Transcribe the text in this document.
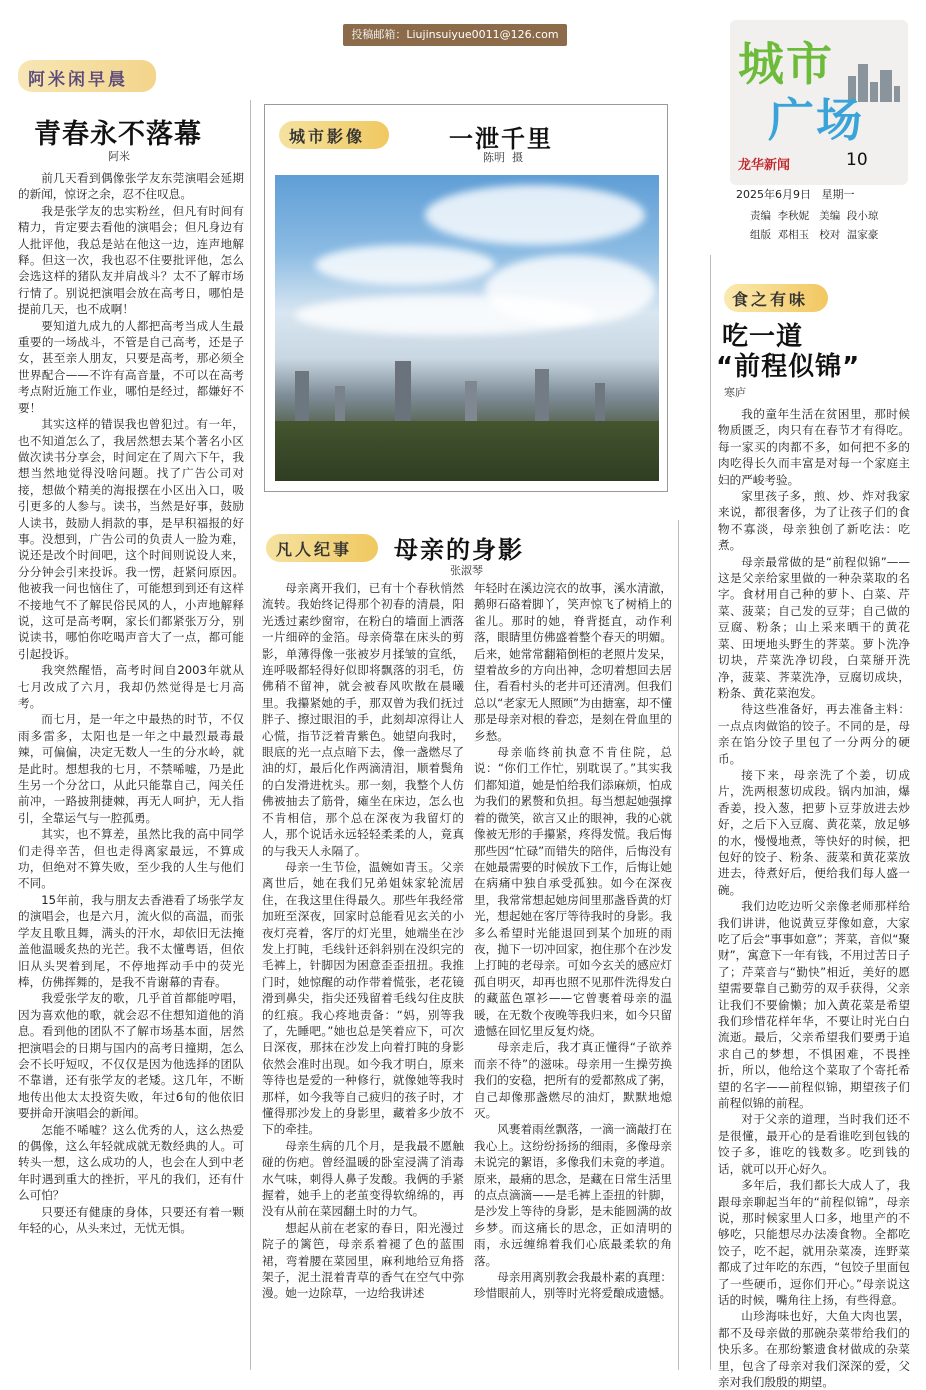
投稿邮箱：Liujinsuiyue0011@126.com
城市
广场
龙华新闻	10
2025年6月9日 星期一
责编  李秋妮   美编  段小琼
组版  邓相玉   校对  温家豪
阿米闲早晨
青春永不落幕
阿米

前几天看到偶像张学友东莞演唱会延期的新闻，惊讶之余，忍不住叹息。

我是张学友的忠实粉丝，但凡有时间有精力，肯定要去看他的演唱会；但凡身边有人批评他，我总是站在他这一边，连声地解释。但这一次，我也忍不住要批评他，怎么会选这样的猪队友并肩战斗？太不了解市场行情了。别说把演唱会放在高考日，哪怕是提前几天，也不成啊！

要知道九成九的人都把高考当成人生最重要的一场战斗，不管是自己高考，还是子女，甚至亲人朋友，只要是高考，那必须全世界配合——不许有高音量，不可以在高考考点附近施工作业，哪怕是经过，都嫌好不要！

其实这样的错误我也曾犯过。有一年，也不知道怎么了，我居然想去某个著名小区做次读书分享会，时间定在了周六下午，我想当然地觉得没啥问题。找了广告公司对接，想做个精美的海报摆在小区出入口，吸引更多的人参与。读书，当然是好事，鼓励人读书，鼓励人捐款的事，是早积福报的好事。没想到，广告公司的负责人一脸为难，说还是改个时间吧，这个时间则说设人来，分分钟会引来投诉。我一愣，赶紧问原因。他被我一问也恼住了，可能想到到还有这样不接地气不了解民俗民风的人，小声地解释说，这可是高考啊，家长们都紧张万分，别说读书，哪怕你吃喝声音大了一点，都可能引起投诉。

我突然醒悟，高考时间自2003年就从七月改成了六月，我却仍然觉得是七月高考。

而七月，是一年之中最热的时节，不仅雨多雷多，太阳也是一年之中最烈最毒最辣，可偏偏，决定无数人一生的分水岭，就是此时。想想我的七月，不禁唏嘘，乃是此生另一个分岔口，从此只能靠自己，闯关任前冲，一路披荆捷棘，再无人呵护，无人指引，全靠运气与一腔孤勇。

其实，也不算差，虽然比我的高中同学们走得辛苦，但也走得离家最远，不算成功，但绝对不算失败，至少我的人生与他们不同。

15年前，我与朋友去香港看了场张学友的演唱会，也是六月，流火似的高温，而张学友且歌且舞，满头的汗水，却依旧无法掩盖他温暖炙热的光芒。我不太懂粤语，但依旧从头哭着到尾，不停地挥动手中的荧光棒，仿佛挥舞的，是我不肯谢幕的青春。

我爱张学友的歌，几乎首首都能哼唱，因为喜欢他的歌，就会忍不住想知道他的消息。看到他的团队不了解市场基本面，居然把演唱会的日期与国内的高考日撞期，怎么会不长吁短叹，不仅仅是因为他选择的团队不靠谱，还有张学友的老矮。这几年，不断地传出他太太投资失败，年过6旬的他依旧要拼命开演唱会的新闻。

怎能不唏嘘？这么优秀的人，这么热爱的偶像，这么年轻就成就无数经典的人。可转头一想，这么成功的人，也会在人到中老年时遇到重大的挫折，平凡的我们，还有什么可怕？

只要还有健康的身体，只要还有着一颗年轻的心，从头来过，无忧无惧。

城市影像	一泄千里
陈明  摄
凡人纪事 母亲的身影
张淑琴

母亲离开我们，已有十个春秋悄然流转。我始终记得那个初春的清晨，阳光透过素纱窗帘，在粉白的墙面上洒落一片细碎的金箔。母亲倚靠在床头的剪影，单薄得像一张被岁月揉皱的宣纸，连呼吸都轻得好似即将飘落的羽毛，仿佛稍不留神，就会被春风吹散在晨曦里。我攥紧她的手，那双曾为我们抚过胖子、擦过眼泪的手，此刻却凉得让人心慌，指节泛着青紫色。她望向我时，眼底的光一点点暗下去，像一盏燃尽了油的灯，最后化作两滴清泪，顺着鬓角的白发滑进枕头。那一刻，我整个人仿佛被抽去了筋骨，瘫坐在床边，怎么也不肯相信，那个总在深夜为我留灯的人，那个说话永远轻轻柔柔的人，竟真的与我天人永隔了。

母亲一生节俭，温婉如青玉。父亲离世后，她在我们兄弟姐妹家轮流居住，在我这里住得最久。那些年我经常加班至深夜，回家时总能看见玄关的小夜灯亮着，客厅的灯光里，她端坐在沙发上打盹，毛线针还斜斜别在没织完的毛裤上，针脚因为困意歪歪扭扭。我推门时，她惊醒的动作带着慌张，老花镜滑到鼻尖，指尖还残留着毛线勾住皮肤的红痕。我心疼地责备：“妈，别等我了，先睡吧。”她也总是笑着应下，可次日深夜，那抹在沙发上向着打盹的身影依然会准时出现。如今我才明白，原来等待也是爱的一种修行，就像她等我时那样，如今我等自己疲归的孩子时，才懂得那沙发上的身影里，藏着多少放不下的牵挂。

母亲生病的几个月，是我最不愿触碰的伤疤。曾经温暖的卧室浸满了消毒水气味，刺得人鼻子发酸。我俩的手紧握着，她手上的老茧变得软绵绵的，再没有从前在菜园翻土时的力气。

想起从前在老家的春日，阳光漫过院子的篱笆，母亲系着褪了色的蓝围裙，弯着腰在菜园里，麻利地给豆角搭架子，泥土混着青草的香气在空气中弥漫。她一边除草，一边给我讲述

年轻时在溪边浣衣的故事，溪水清澈，鹅卵石硌着脚丫，笑声惊飞了树梢上的雀儿。那时的她，脊背挺直，动作利落，眼睛里仿佛盛着整个春天的明媚。后来，她常常翻箱倒柜的老照片发呆，望着故乡的方向出神，念叨着想回去居住，看看村头的老井可还清冽。但我们总以“老家无人照顾”为由搪塞，却不懂那是母亲对根的眷恋，是刻在骨血里的乡愁。

母亲临终前执意不肯住院，总说：“你们工作忙，别耽误了。”其实我们都知道，她是怕给我们添麻烦，怕成为我们的累赘和负担。每当想起她强撑着的微笑，欲言又止的眼神，我的心就像被无形的手攥紧，疼得发慌。我后悔那些因“忙碌”而错失的陪伴，后悔没有在她最需要的时候放下工作，后悔让她在病痛中独自承受孤独。如今在深夜里，我常常想起她房间里那盏昏黄的灯光，想起她在客厅等待我时的身影。我多么希望时光能退回到某个加班的雨夜，抛下一切冲回家，抱住那个在沙发上打盹的老母亲。可如今玄关的感应灯孤自明灭，却再也照不见那件洗得发白的藏蓝色罩衫——它曾裹着母亲的温暖，在无数个夜晚等我归来，如今只留遗憾在回忆里反复灼烧。

母亲走后，我才真正懂得“子欲养而亲不待”的滋味。母亲用一生操劳换我们的安稳，把所有的爱都熬成了粥，自己却像那盏燃尽的油灯，默默地熄灭。

风裹着雨丝飘落，一滴一滴敲打在我心上。这纷纷扬扬的细雨，多像母亲未说完的絮语，多像我们未竟的孝道。原来，最痛的思念，是藏在日常生活里的点点滴滴——是毛裤上歪扭的针脚，是沙发上等待的身影，是未能圆满的故乡梦。而这痛长的思念，正如清明的雨，永远缠绵着我们心底最柔软的角落。

母亲用离别教会我最朴素的真理：珍惜眼前人，别等时光将爱酿成遗憾。

食之有味
吃一道
“前程似锦”
寒庐

我的童年生活在贫困里，那时候物质匮乏，肉只有在春节才有得吃。每一家买的肉都不多，如何把不多的肉吃得长久而丰富是对每一个家庭主妇的严峻考验。

家里孩子多，煎、炒、炸对我家来说，都很奢侈，为了让孩子们的食物不寡淡，母亲独创了新吃法：吃煮。

母亲最常做的是“前程似锦”——这是父亲给家里做的一种杂菜取的名字。食材用自己种的萝卜、白菜、芹菜、菠菜；自己发的豆芽；自己做的豆腐、粉条；山上采来晒干的黄花菜、田埂地头野生的荠菜。萝卜洗净切块，芹菜洗净切段，白菜掰开洗净，菠菜、荠菜洗净，豆腐切成块，粉条、黄花菜泡发。

待这些准备好，再去准备主料：一点点肉做馅的饺子。不同的是，母亲在馅分饺子里包了一分两分的硬币。

接下来，母亲洗了个姜，切成片，洗两根葱切成段。锅内加油，爆香姜，投入葱，把萝卜豆芽放进去炒好，之后下入豆腐、黄花菜，放足够的水，慢慢地煮，等快好的时候，把包好的饺子、粉条、菠菜和黄花菜放进去，待煮好后，便给我们每人盛一碗。

我们边吃边听父亲像老师那样给我们讲讲，他说黄豆芽像如意，大家吃了后会“事事如意”；荠菜，音似“聚财”，寓意下一年有钱，不用过苦日子了；芹菜音与“勤快”相近，美好的愿望需要靠自己勤劳的双手获得，父亲让我们不要偷懒；加入黄花菜是希望我们珍惜花样年华，不要让时光白白流逝。最后，父亲希望我们要勇于追求自己的梦想，不惧困难，不畏挫折，所以，他给这个菜取了个寄托希望的名字——前程似锦，期望孩子们前程似锦的前程。

对于父亲的道理，当时我们还不是很懂，最开心的是看谁吃到包钱的饺子多，谁吃的钱数多。吃到钱的话，就可以开心好久。

多年后，我们都长大成人了，我跟母亲聊起当年的“前程似锦”，母亲说，那时候家里人口多，地里产的不够吃，只能想尽办法凑食物。全都吃饺子，吃不起，就用杂菜凑，连野菜都成了过年吃的东西，“包饺子里面包了一些硬币，逗你们开心。”母亲说这话的时候，嘴角往上扬，有些得意。

山珍海味也好，大鱼大肉也罢，都不及母亲做的那碗杂菜带给我们的快乐多。在那纷繁遗食材做成的杂菜里，包含了母亲对我们深深的爱，父亲对我们殷殷的期望。
